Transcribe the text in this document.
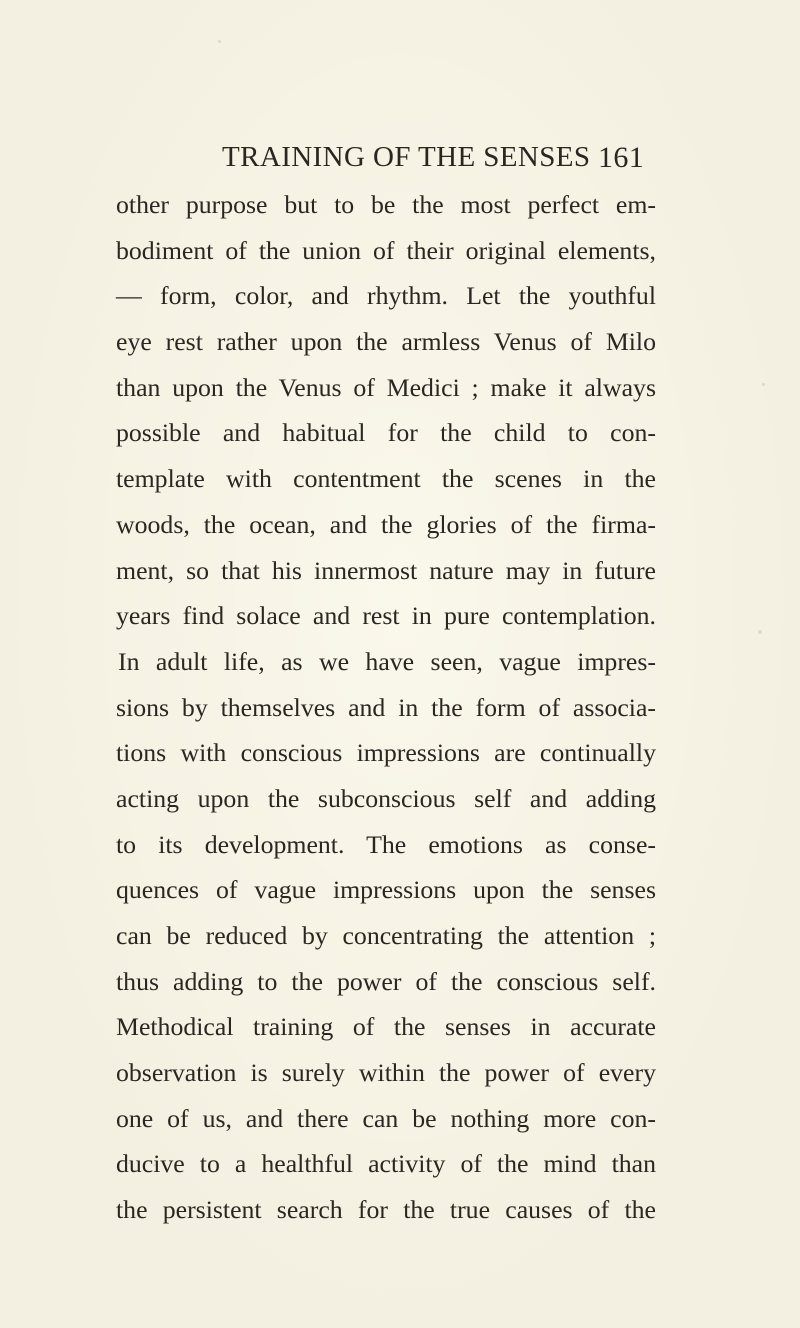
TRAINING OF THE SENSES 161
other purpose but to be the most perfect em-
bodiment of the union of their original elements,
— form, color, and rhythm. Let the youthful
eye rest rather upon the armless Venus of Milo
than upon the Venus of Medici ; make it always
possible and habitual for the child to con-
template with contentment the scenes in the
woods, the ocean, and the glories of the firma-
ment, so that his innermost nature may in future
years find solace and rest in pure contemplation.
In adult life, as we have seen, vague impres-
sions by themselves and in the form of associa-
tions with conscious impressions are continually
acting upon the subconscious self and adding
to its development. The emotions as conse-
quences of vague impressions upon the senses
can be reduced by concentrating the attention ;
thus adding to the power of the conscious self.
Methodical training of the senses in accurate
observation is surely within the power of every
one of us, and there can be nothing more con-
ducive to a healthful activity of the mind than
the persistent search for the true causes of the
